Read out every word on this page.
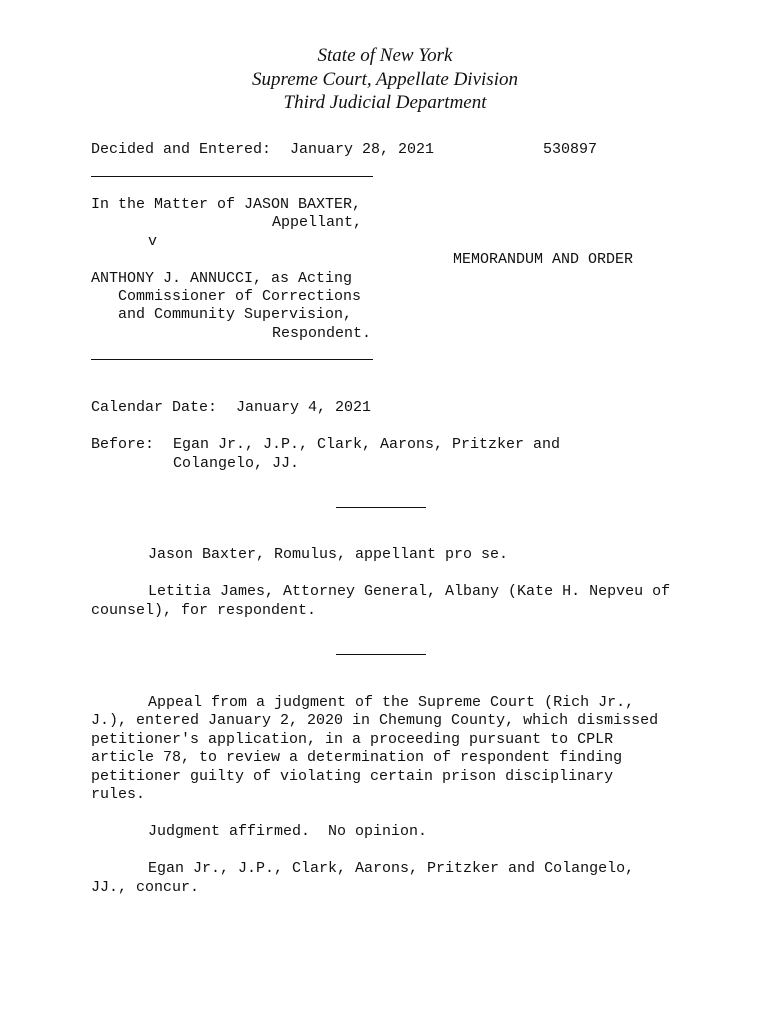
State of New York
Supreme Court, Appellate Division
Third Judicial Department
Decided and Entered: January 28, 2021	530897
In the Matter of JASON BAXTER,
Appellant,
v
MEMORANDUM AND ORDER
ANTHONY J. ANNUCCI, as Acting
Commissioner of Corrections
and Community Supervision,
Respondent.
Calendar Date: January 4, 2021
Before: Egan Jr., J.P., Clark, Aarons, Pritzker and
Colangelo, JJ.
Jason Baxter, Romulus, appellant pro se.
Letitia James, Attorney General, Albany (Kate H. Nepveu of
counsel), for respondent.
Appeal from a judgment of the Supreme Court (Rich Jr.,
J.), entered January 2, 2020 in Chemung County, which dismissed
petitioner's application, in a proceeding pursuant to CPLR
article 78, to review a determination of respondent finding
petitioner guilty of violating certain prison disciplinary
rules.
Judgment affirmed.  No opinion.
Egan Jr., J.P., Clark, Aarons, Pritzker and Colangelo,
JJ., concur.
